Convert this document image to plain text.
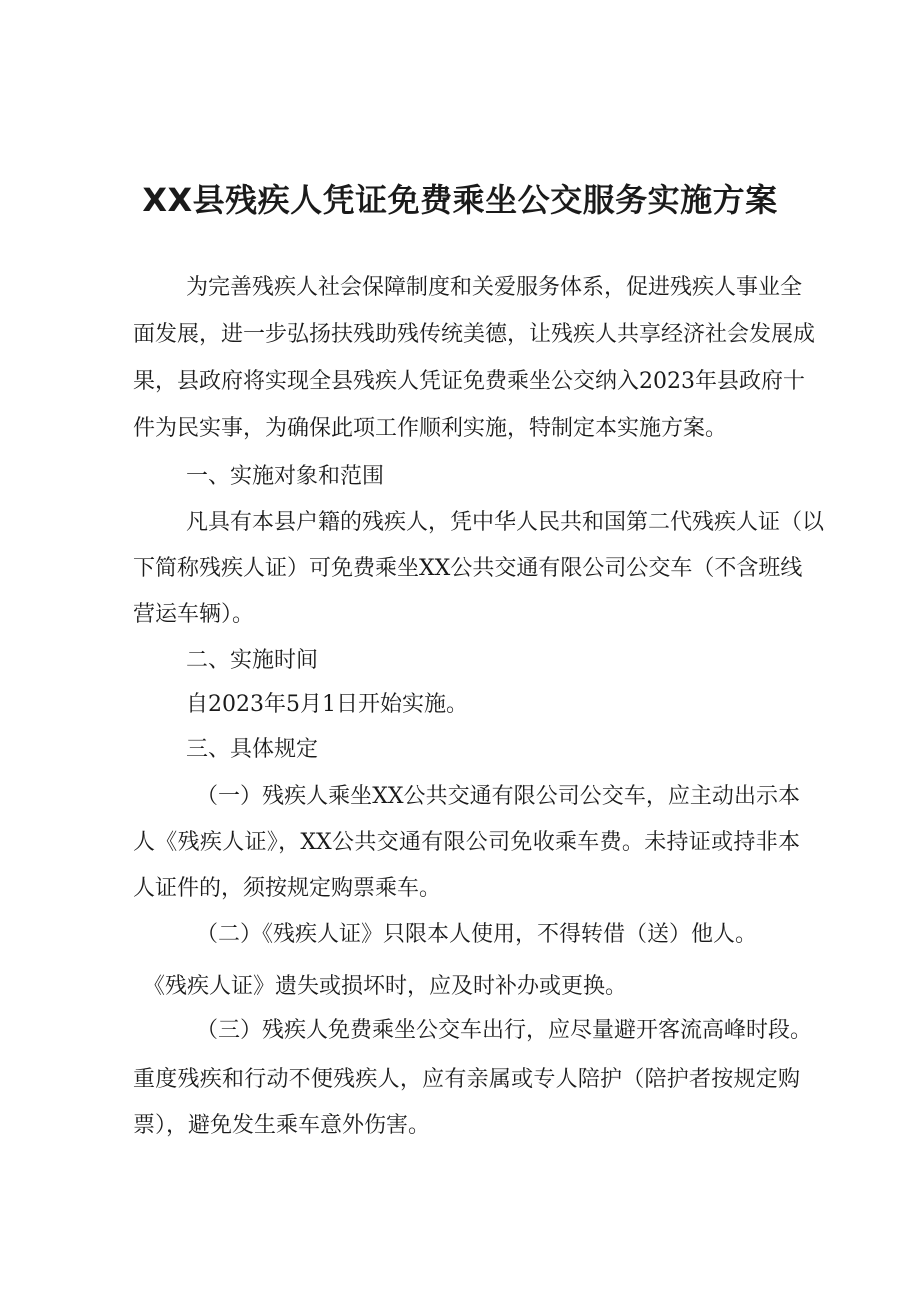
XX县残疾人凭证免费乘坐公交服务实施方案
为完善残疾人社会保障制度和关爱服务体系，促进残疾人事业全
面发展，进一步弘扬扶残助残传统美德，让残疾人共享经济社会发展成
果，县政府将实现全县残疾人凭证免费乘坐公交纳入2023年县政府十
件为民实事，为确保此项工作顺利实施，特制定本实施方案。
一、实施对象和范围
凡具有本县户籍的残疾人，凭中华人民共和国第二代残疾人证（以
下简称残疾人证）可免费乘坐XX公共交通有限公司公交车（不含班线
营运车辆）。
二、实施时间
自2023年5月1日开始实施。
三、具体规定
（一）残疾人乘坐XX公共交通有限公司公交车，应主动出示本
人《残疾人证》，XX公共交通有限公司免收乘车费。未持证或持非本
人证件的，须按规定购票乘车。
（二）《残疾人证》只限本人使用，不得转借（送）他人。
《残疾人证》遗失或损坏时，应及时补办或更换。
（三）残疾人免费乘坐公交车出行，应尽量避开客流高峰时段。
重度残疾和行动不便残疾人，应有亲属或专人陪护（陪护者按规定购
票），避免发生乘车意外伤害。
